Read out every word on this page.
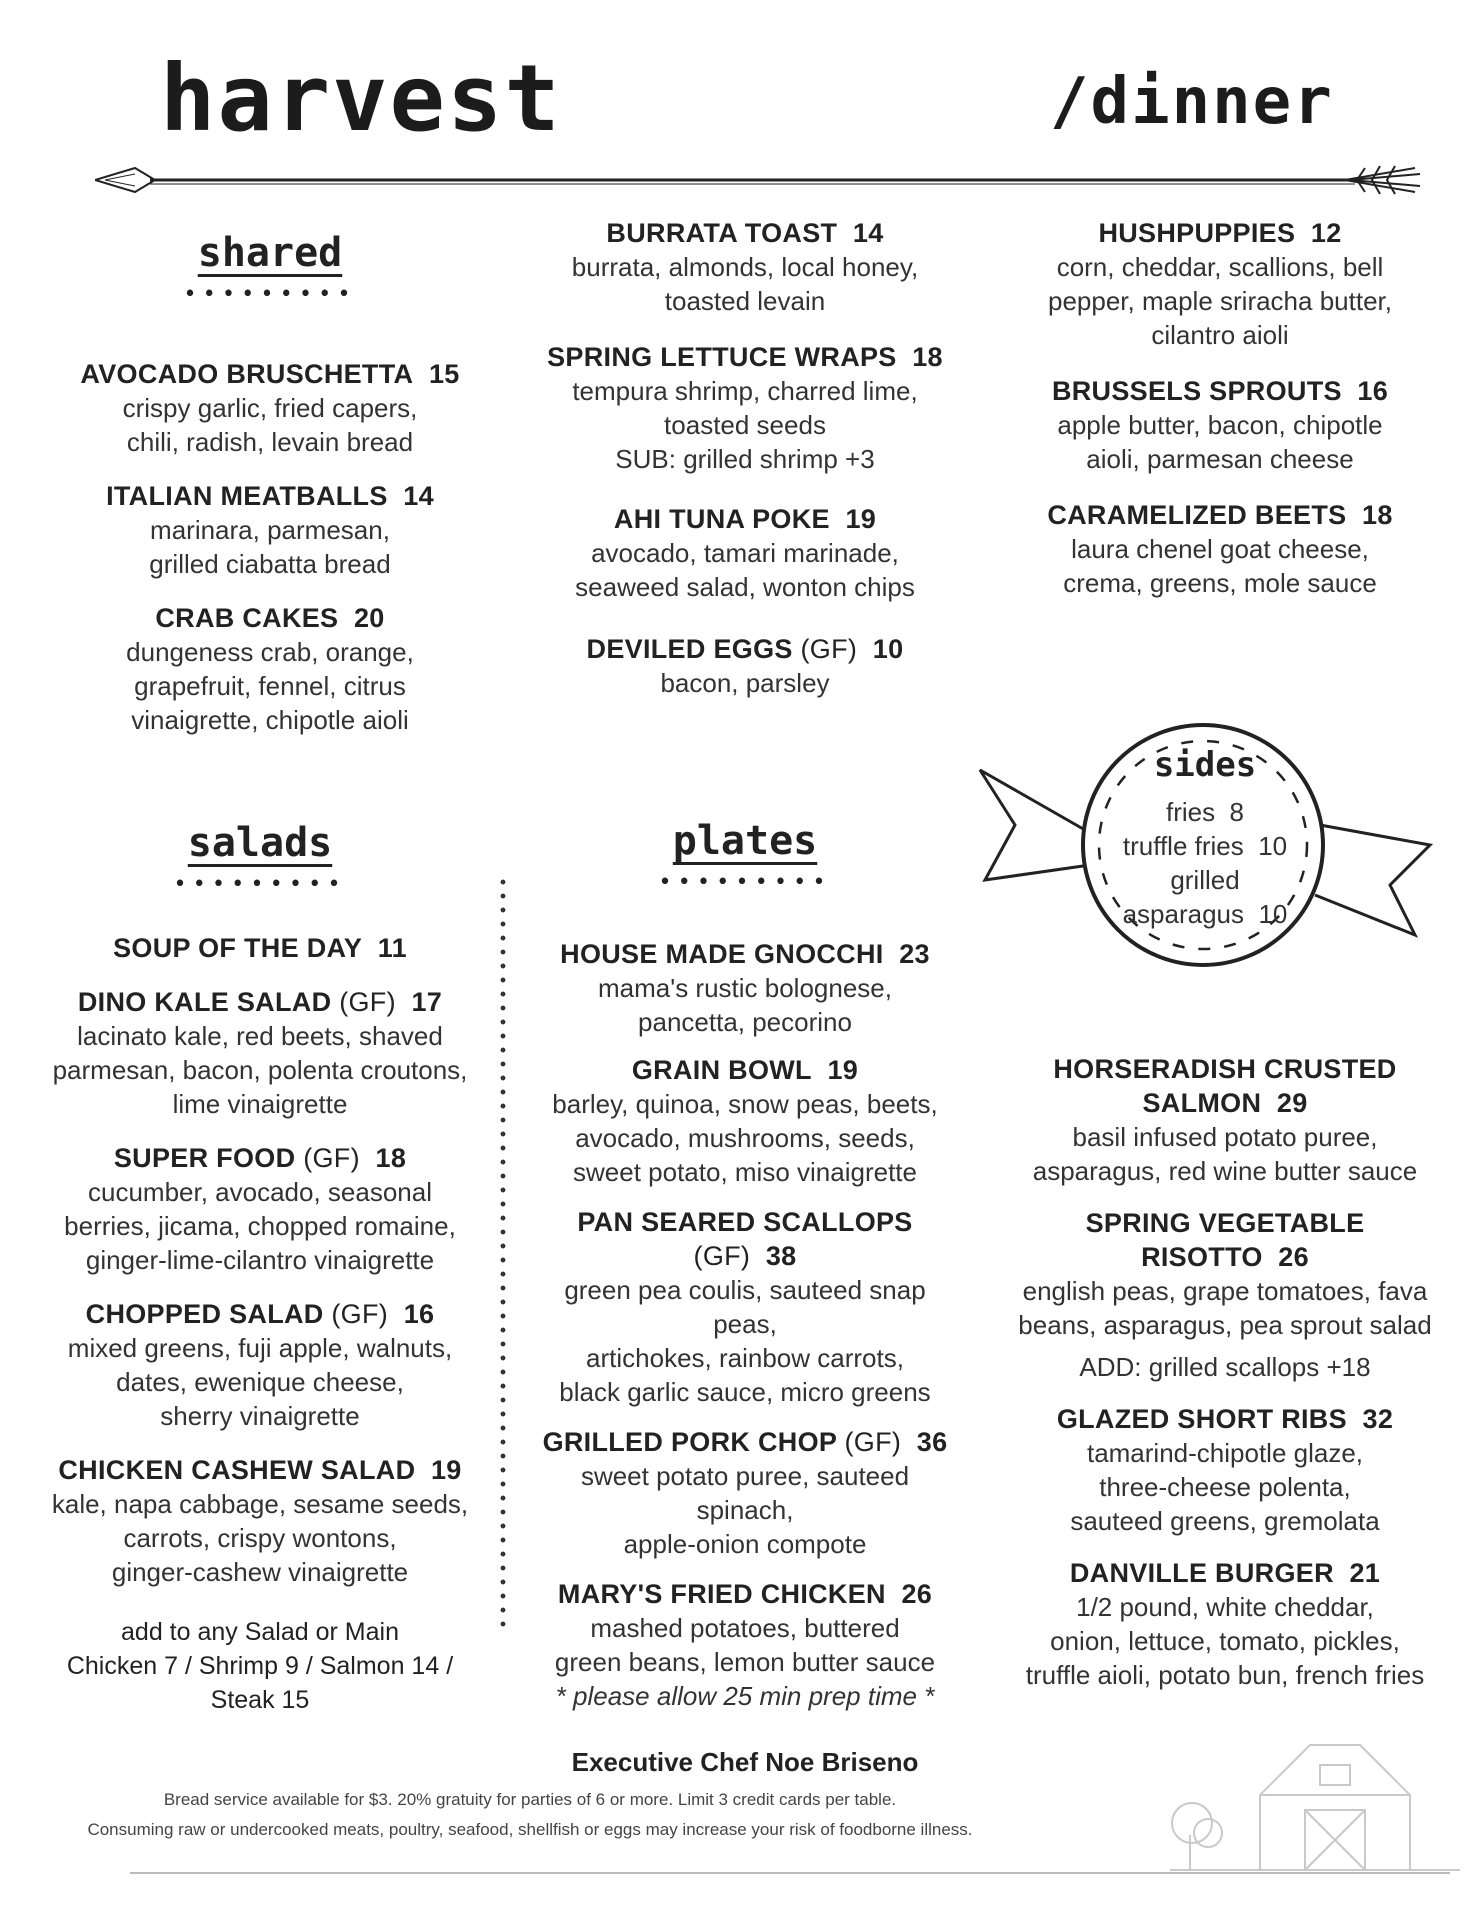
harvest	/dinner
shared
•••••••••
AVOCADO BRUSCHETTA 15
crispy garlic, fried capers,
chili, radish, levain bread
ITALIAN MEATBALLS 14
marinara, parmesan,
grilled ciabatta bread
CRAB CAKES 20
dungeness crab, orange,
grapefruit, fennel, citrus
vinaigrette, chipotle aioli
salads
•••••••••
SOUP OF THE DAY 11
DINO KALE SALAD (GF) 17
lacinato kale, red beets, shaved
parmesan, bacon, polenta croutons,
lime vinaigrette
SUPER FOOD (GF) 18
cucumber, avocado, seasonal
berries, jicama, chopped romaine,
ginger-lime-cilantro vinaigrette
CHOPPED SALAD (GF) 16
mixed greens, fuji apple, walnuts,
dates, ewenique cheese,
sherry vinaigrette
CHICKEN CASHEW SALAD 19
kale, napa cabbage, sesame seeds,
carrots, crispy wontons,
ginger-cashew vinaigrette
add to any Salad or Main
Chicken 7 / Shrimp 9 / Salmon 14 / Steak 15
BURRATA TOAST 14
burrata, almonds, local honey,
toasted levain
SPRING LETTUCE WRAPS 18
tempura shrimp, charred lime,
toasted seeds
SUB: grilled shrimp +3
AHI TUNA POKE 19
avocado, tamari marinade,
seaweed salad, wonton chips
DEVILED EGGS (GF) 10
bacon, parsley
plates
•••••••••
HOUSE MADE GNOCCHI 23
mama's rustic bolognese,
pancetta, pecorino
GRAIN BOWL 19
barley, quinoa, snow peas, beets,
avocado, mushrooms, seeds,
sweet potato, miso vinaigrette
PAN SEARED SCALLOPS (GF) 38
green pea coulis, sauteed snap peas,
artichokes, rainbow carrots,
black garlic sauce, micro greens
GRILLED PORK CHOP (GF) 36
sweet potato puree, sauteed spinach,
apple-onion compote
MARY'S FRIED CHICKEN 26
mashed potatoes, buttered
green beans, lemon butter sauce
* please allow 25 min prep time *
Executive Chef Noe Briseno
HUSHPUPPIES 12
corn, cheddar, scallions, bell
pepper, maple sriracha butter,
cilantro aioli
BRUSSELS SPROUTS 16
apple butter, bacon, chipotle
aioli, parmesan cheese
CARAMELIZED BEETS 18
laura chenel goat cheese,
crema, greens, mole sauce
sides
fries 8
truffle fries 10
grilled asparagus 10
HORSERADISH CRUSTED SALMON 29
basil infused potato puree,
asparagus, red wine butter sauce
SPRING VEGETABLE RISOTTO 26
english peas, grape tomatoes, fava
beans, asparagus, pea sprout salad
ADD: grilled scallops +18
GLAZED SHORT RIBS 32
tamarind-chipotle glaze,
three-cheese polenta,
sauteed greens, gremolata
DANVILLE BURGER 21
1/2 pound, white cheddar,
onion, lettuce, tomato, pickles,
truffle aioli, potato bun, french fries
Bread service available for $3. 20% gratuity for parties of 6 or more. Limit 3 credit cards per table.
Consuming raw or undercooked meats, poultry, seafood, shellfish or eggs may increase your risk of foodborne illness.
